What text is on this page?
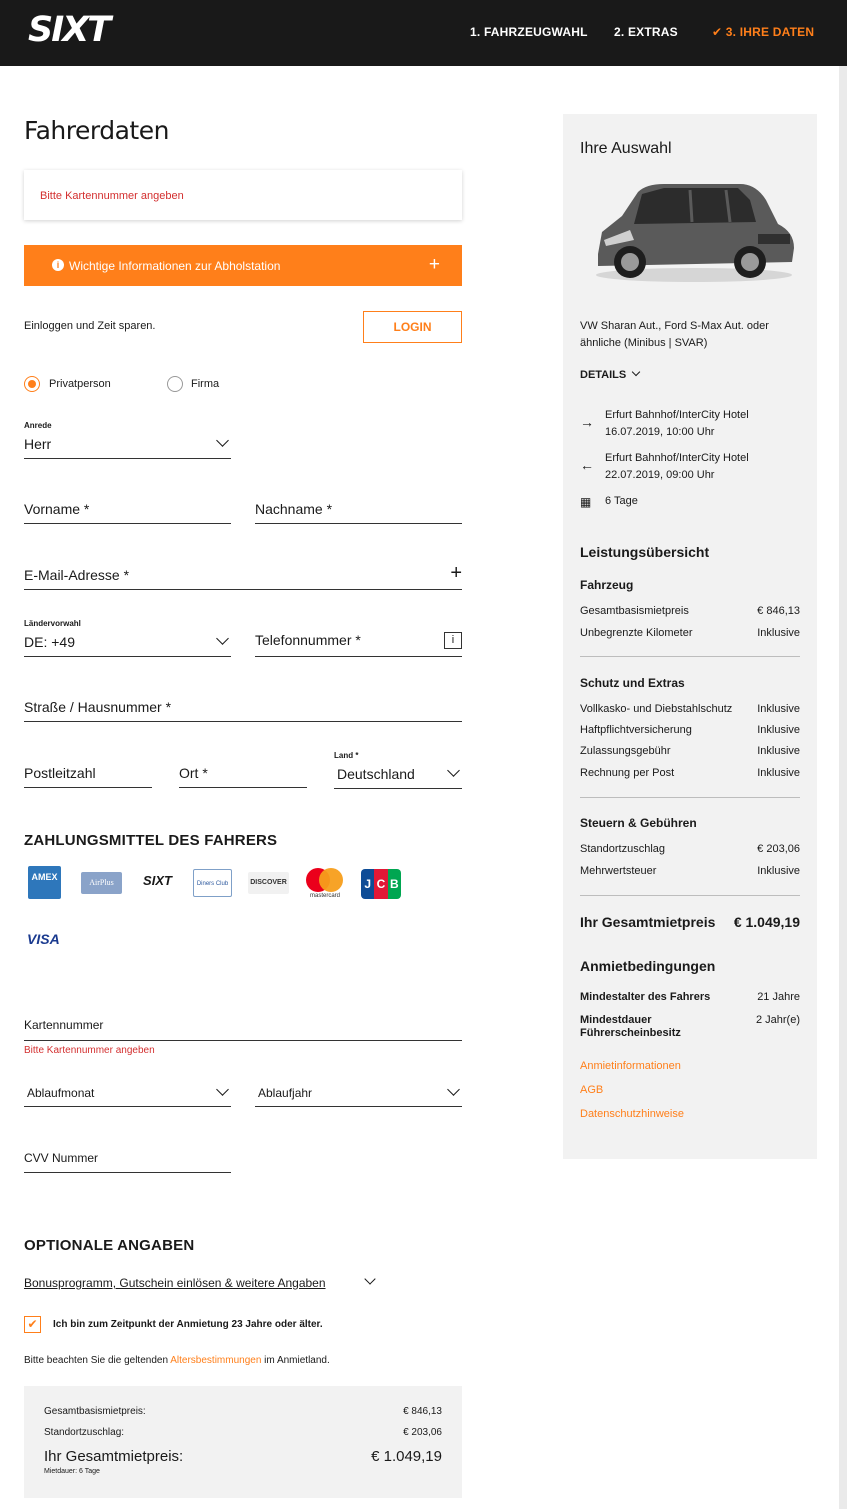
SIXT	1. FAHRZEUGWAHL 2. EXTRAS	✔ 3. IHRE DATEN
Fahrerdaten
Bitte Kartennummer angeben
i Wichtige Informationen zur Abholstation	+
Einloggen und Zeit sparen.	LOGIN
Privatperson	Firma
Anrede
Herr
Vorname *	Nachname *
E-Mail-Adresse *	+
Ländervorwahl
DE: +49	Telefonnummer *	i
Straße / Hausnummer *
Postleitzahl	Ort *
Land *
Deutschland
ZAHLUNGSMITTEL DES FAHRERS
AMEX
AirPlus	SIXT	Diners Club	DISCOVER
mastercard
J C B
VISA
Kartennummer
Bitte Kartennummer angeben
Ablaufmonat	Ablaufjahr
CVV Nummer
OPTIONALE ANGABEN
Bonusprogramm, Gutschein einlösen & weitere Angaben
✔	Ich bin zum Zeitpunkt der Anmietung 23 Jahre oder älter.
Bitte beachten Sie die geltenden Altersbestimmungen im Anmietland.
Gesamtbasismietpreis:	€ 846,13
Standortzuschlag:	€ 203,06
Ihr Gesamtmietpreis:	€ 1.049,19
Mietdauer: 6 Tage
Ihre Auswahl
VW Sharan Aut., Ford S-Max Aut. oder
ähnliche (Minibus | SVAR)
DETAILS
→ Erfurt Bahnhof/InterCity Hotel
16.07.2019, 10:00 Uhr
← Erfurt Bahnhof/InterCity Hotel
22.07.2019, 09:00 Uhr
▦ 6 Tage
Leistungsübersicht
Fahrzeug
Gesamtbasismietpreis	€ 846,13
Unbegrenzte Kilometer	Inklusive
Schutz und Extras
Vollkasko- und Diebstahlschutz Inklusive
Haftpflichtversicherung	Inklusive
Zulassungsgebühr	Inklusive
Rechnung per Post	Inklusive
Steuern & Gebühren
Standortzuschlag	€ 203,06
Mehrwertsteuer	Inklusive
Ihr Gesamtmietpreis € 1.049,19
Anmietbedingungen
Mindestalter des Fahrers	21 Jahre
Mindestdauer
Führerscheinbesitz
2 Jahr(e)
Anmietinformationen
AGB
Datenschutzhinweise
